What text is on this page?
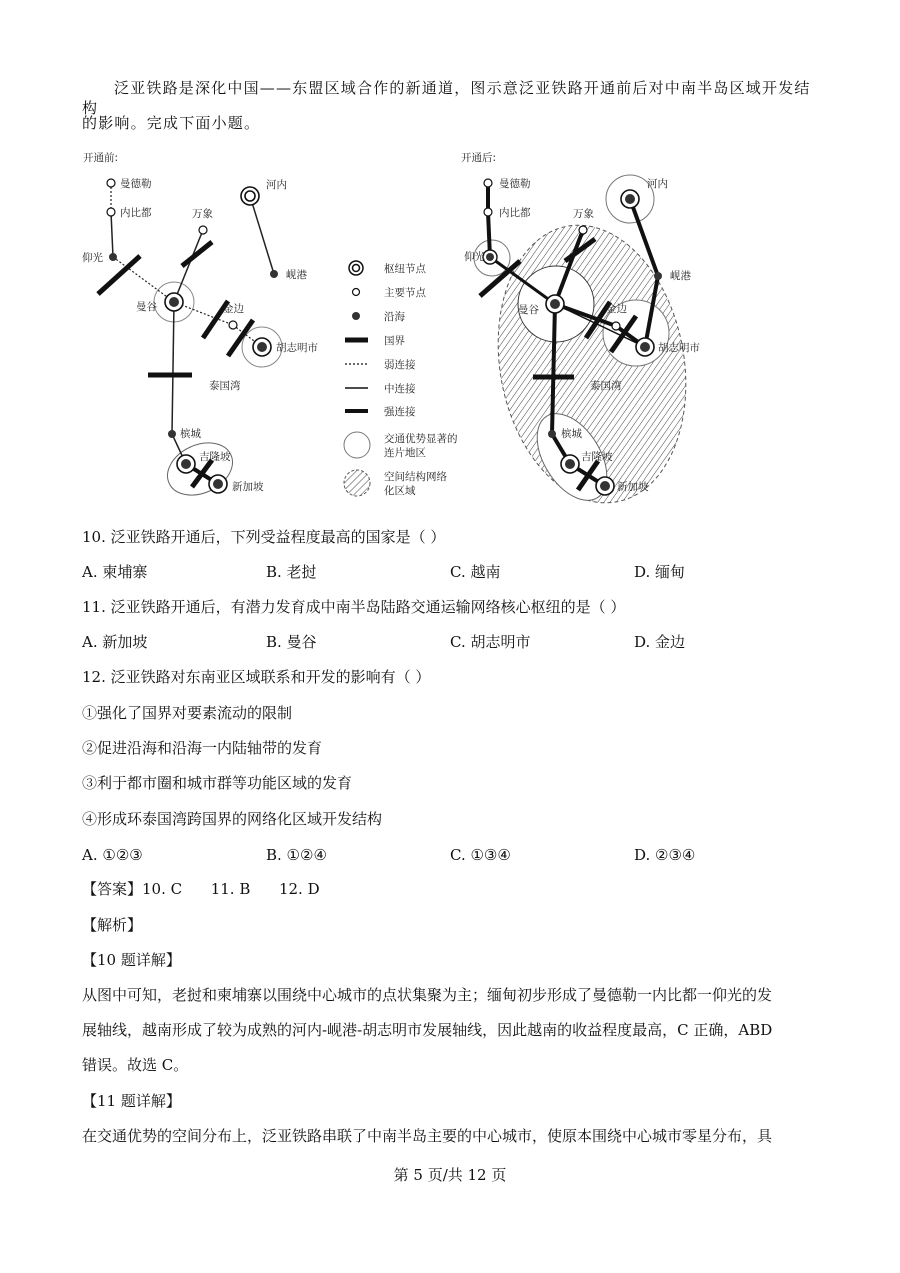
泛亚铁路是深化中国——东盟区域合作的新通道，图示意泛亚铁路开通前后对中南半岛区域开发结构
的影响。完成下面小题。
开通前:
曼德勒
内比都
仰光
万象
河内
岘港
曼谷	金边
胡志明市
泰国湾
槟城
吉隆坡
新加坡
枢纽节点
主要节点
沿海
国界
弱连接
中连接
强连接
交通优势显著的
连片地区
空间结构网络
化区域
开通后:
曼德勒
内比都
仰光
万象
河内
岘港
曼谷	金边
胡志明市
泰国湾
槟城
吉隆坡
新加坡
10. 泛亚铁路开通后，下列受益程度最高的国家是（ ）
A. 柬埔寨	B. 老挝	C. 越南	D. 缅甸
11. 泛亚铁路开通后，有潜力发育成中南半岛陆路交通运输网络核心枢纽的是（ ）
A. 新加坡	B. 曼谷	C. 胡志明市	D. 金边
12. 泛亚铁路对东南亚区域联系和开发的影响有（ ）
①强化了国界对要素流动的限制
②促进沿海和沿海一内陆轴带的发育
③利于都市圈和城市群等功能区域的发育
④形成环泰国湾跨国界的网络化区域开发结构
A. ①②③	B. ①②④	C. ①③④	D. ②③④
【答案】10. C      11. B      12. D
【解析】
【10 题详解】
从图中可知，老挝和柬埔寨以围绕中心城市的点状集聚为主；缅甸初步形成了曼德勒一内比都一仰光的发
展轴线，越南形成了较为成熟的河内-岘港-胡志明市发展轴线，因此越南的收益程度最高，C 正确，ABD
错误。故选 C。
【11 题详解】
在交通优势的空间分布上，泛亚铁路串联了中南半岛主要的中心城市，使原本围绕中心城市零星分布，具
第 5 页/共 12 页
